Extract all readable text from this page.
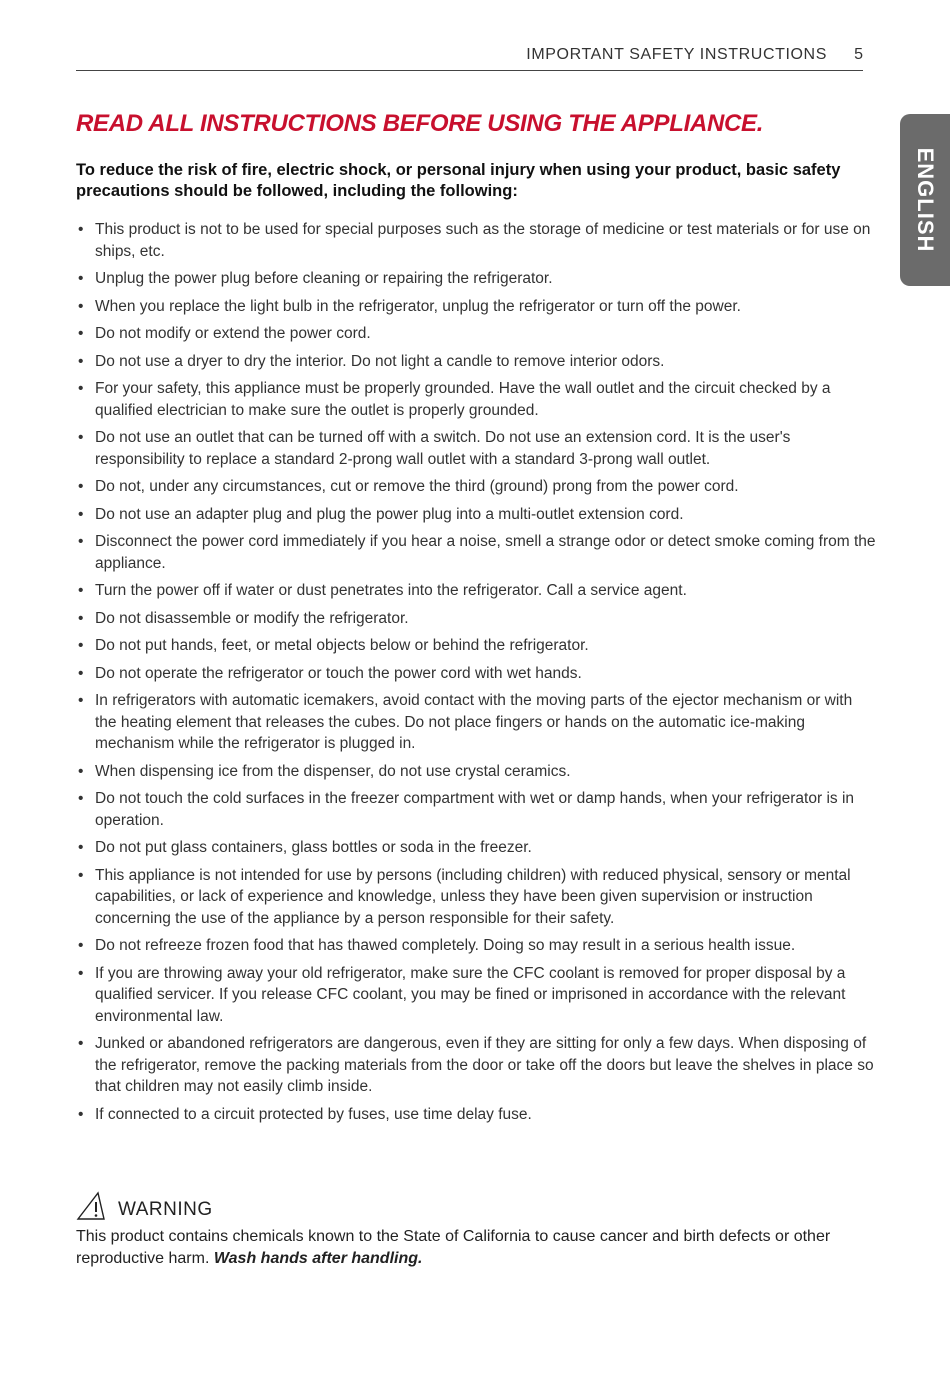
IMPORTANT SAFETY INSTRUCTIONS 5
ENGLISH
READ ALL INSTRUCTIONS BEFORE USING THE APPLIANCE.
To reduce the risk of fire, electric shock, or personal injury when using your product, basic safety precautions should be followed, including the following:
• This product is not to be used for special purposes such as the storage of medicine or test materials or for use on ships, etc.
• Unplug the power plug before cleaning or repairing the refrigerator.
• When you replace the light bulb in the refrigerator, unplug the refrigerator or turn off the power.
• Do not modify or extend the power cord.
• Do not use a dryer to dry the interior. Do not light a candle to remove interior odors.
• For your safety, this appliance must be properly grounded. Have the wall outlet and the circuit checked by a qualified electrician to make sure the outlet is properly grounded.
• Do not use an outlet that can be turned off with a switch. Do not use an extension cord. It is the user's responsibility to replace a standard 2-prong wall outlet with a standard 3-prong wall outlet.
• Do not, under any circumstances, cut or remove the third (ground) prong from the power cord.
• Do not use an adapter plug and plug the power plug into a multi-outlet extension cord.
• Disconnect the power cord immediately if you hear a noise, smell a strange odor or detect smoke coming from the appliance.
• Turn the power off if water or dust penetrates into the refrigerator. Call a service agent.
• Do not disassemble or modify the refrigerator.
• Do not put hands, feet, or metal objects below or behind the refrigerator.
• Do not operate the refrigerator or touch the power cord with wet hands.
• In refrigerators with automatic icemakers, avoid contact with the moving parts of the ejector mechanism or with the heating element that releases the cubes. Do not place fingers or hands on the automatic ice-making mechanism while the refrigerator is plugged in.
• When dispensing ice from the dispenser, do not use crystal ceramics.
• Do not touch the cold surfaces in the freezer compartment with wet or damp hands, when your refrigerator is in operation.
• Do not put glass containers, glass bottles or soda in the freezer.
• This appliance is not intended for use by persons (including children) with reduced physical, sensory or mental capabilities, or lack of experience and knowledge, unless they have been given supervision or instruction concerning the use of the appliance by a person responsible for their safety.
• Do not refreeze frozen food that has thawed completely. Doing so may result in a serious health issue.
• If you are throwing away your old refrigerator, make sure the CFC coolant is removed for proper disposal by a qualified servicer. If you release CFC coolant, you may be fined or imprisoned in accordance with the relevant environmental law.
• Junked or abandoned refrigerators are dangerous, even if they are sitting for only a few days. When disposing of the refrigerator, remove the packing materials from the door or take off the doors but leave the shelves in place so that children may not easily climb inside.
• If connected to a circuit protected by fuses, use time delay fuse.
WARNING
This product contains chemicals known to the State of California to cause cancer and birth defects or other reproductive harm. Wash hands after handling.
